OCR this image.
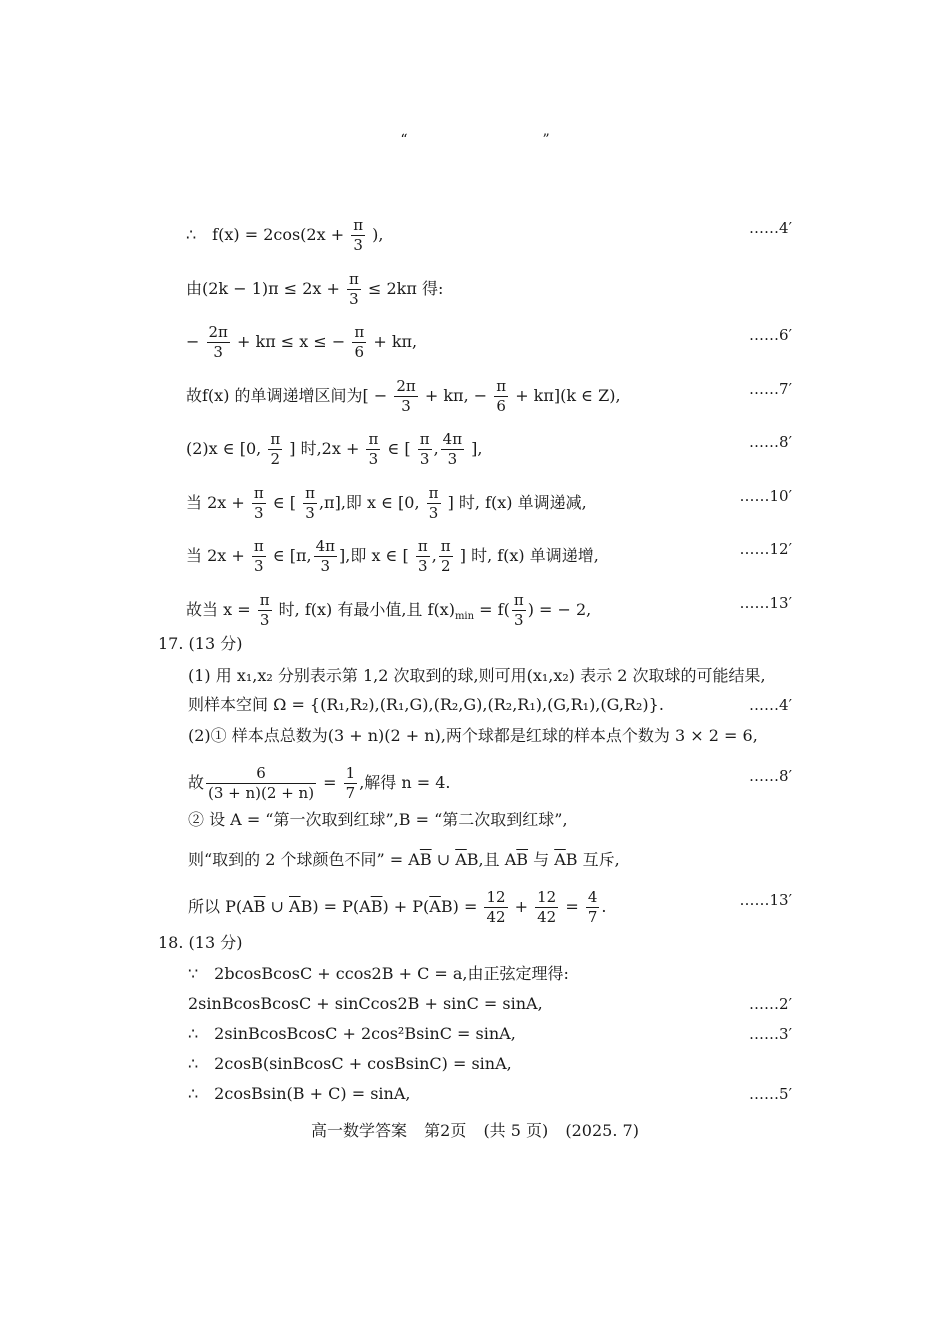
“	”
∴　$f(x) = 2\cos(2x + \frac{\pi}{3}$ ),	……4′
由$(2k - 1)\pi \le 2x + \frac{\pi}{3} \le 2k\pi$ 得:
− $\frac{2\pi}{3} + k\pi \le x$ ≤ − $\frac{\pi}{6} + k\pi$,	……6′
故f(x) 的单调递增区间为[ − $\frac{2\pi}{3} + k\pi$, − $\frac{\pi}{6} + k\pi](k$ ∈ Z),	……7′
(2)x ∈ [0, $\frac{\pi}{2}$ ] 时$,2x + \frac{\pi}{3}$ ∈ [ $\frac{\pi}{3}$ , $\frac{4\pi}{3}$ ],	……8′
当 $2x + \frac{\pi}{3}$ ∈ [ $\frac{\pi}{3} ,\pi$],即 x ∈ [0, $\frac{\pi}{3}$ ] 时, f(x) 单调递减,	……10′
当 $2x + \frac{\pi}{3}$ ∈ [π, $\frac{4\pi}{3}$ ],即 x ∈ [ $\frac{\pi}{3}$ , $\frac{\pi}{2}$ ] 时, f(x) 单调递增,	……12′
故当 $x = \frac{\pi}{3}$ 时, f(x) 有最小值,且 $f(x)_{min} = f( \frac{\pi}{3}$ ) = − 2,	……13′
17. (13 分)
(1) 用 x₁,x₂ 分别表示第 1,2 次取到的球,则可用(x₁,x₂) 表示 2 次取球的可能结果,
则样本空间 Ω = {(R₁,R₂),(R₁,G),(R₂,G),(R₂,R₁),(G,R₁),(G,R₂)}.	……4′
(2)① 样本点总数为(3 + n)(2 + n),两个球都是红球的样本点个数为 3 × 2 = 6,
故 $\frac{6}{(3 + n)(2 + n)} = \frac{1}{7}$ ,解得 n = 4.	……8′
② 设 A = “第一次取到红球”,B = “第二次取到红球”,
则“取到的 2 个球颜色不同” = $A\overline{B}$ ∪ $\overline{A}B$,且 $A\overline{B}$ 与 $\overline{A}B$ 互斥,
所以 $P(A\overline{B}$ ∪ $\overline{A}B) = P(A\overline{B}) + P(\overline{A}B) = \frac{12}{42} + \frac{12}{42} = \frac{4}{7}$ .	……13′
18. (13 分)
∵　2bcosBcosC + ccos2B + C = a,由正弦定理得:
2sinBcosBcosC + sinCcos2B + sinC = sinA,	……2′
∴　2sinBcosBcosC + 2cos²BsinC = sinA,	……3′
∴　2cosB(sinBcosC + cosBsinC) = sinA,
∴　2cosBsin(B + C) = sinA,	……5′
高一数学答案 第2页 (共 5 页) (2025. 7)
